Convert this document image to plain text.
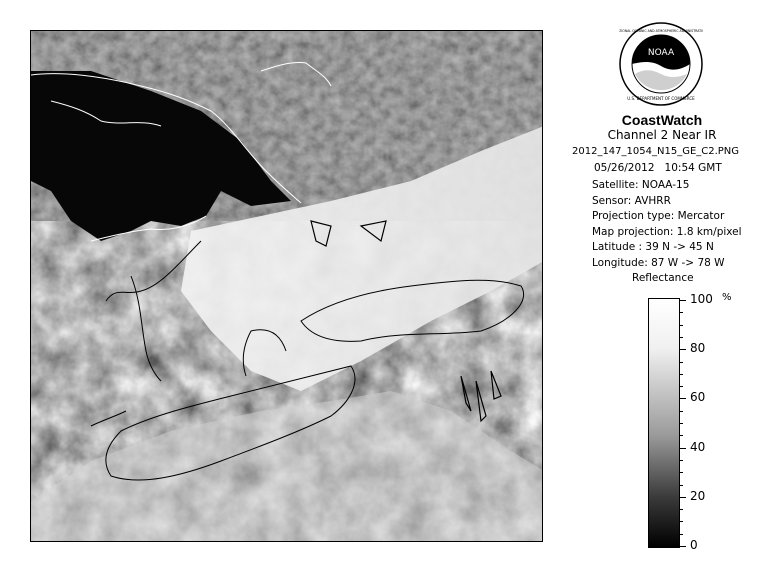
NOAA
NATIONAL OCEANIC AND ATMOSPHERIC ADMINISTRATION
U.S. DEPARTMENT OF COMMERCE
CoastWatch
Channel 2 Near IR
2012_147_1054_N15_GE_C2.PNG
05/26/2012 10:54 GMT
Satellite: NOAA-15
Sensor: AVHRR
Projection type: Mercator
Map projection: 1.8 km/pixel
Latitude : 39 N -> 45 N
Longitude: 87 W -> 78 W
Reflectance
%
100
80
60
40
20
0
